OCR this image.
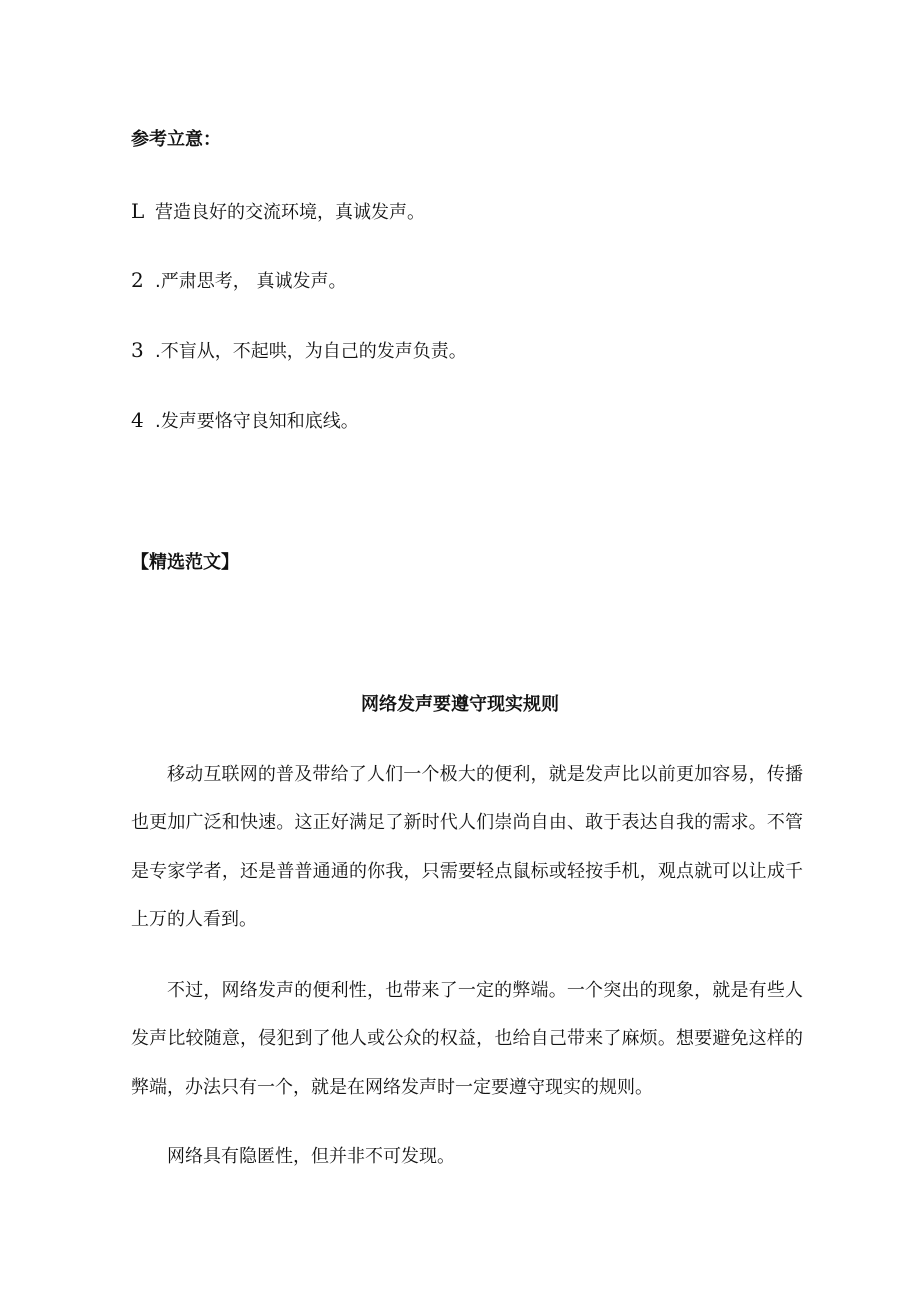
参考立意：
L 营造良好的交流环境，真诚发声。
2 .严肃思考， 真诚发声。
3 .不盲从，不起哄，为自己的发声负责。
4 .发声要恪守良知和底线。
【精选范文】
网络发声要遵守现实规则

移动互联网的普及带给了人们一个极大的便利，就是发声比以前更加容易，传播也更加广泛和快速。这正好满足了新时代人们崇尚自由、敢于表达自我的需求。不管是专家学者，还是普普通通的你我，只需要轻点鼠标或轻按手机，观点就可以让成千上万的人看到。

不过，网络发声的便利性，也带来了一定的弊端。一个突出的现象，就是有些人发声比较随意，侵犯到了他人或公众的权益，也给自己带来了麻烦。想要避免这样的弊端，办法只有一个，就是在网络发声时一定要遵守现实的规则。

网络具有隐匿性，但并非不可发现。
